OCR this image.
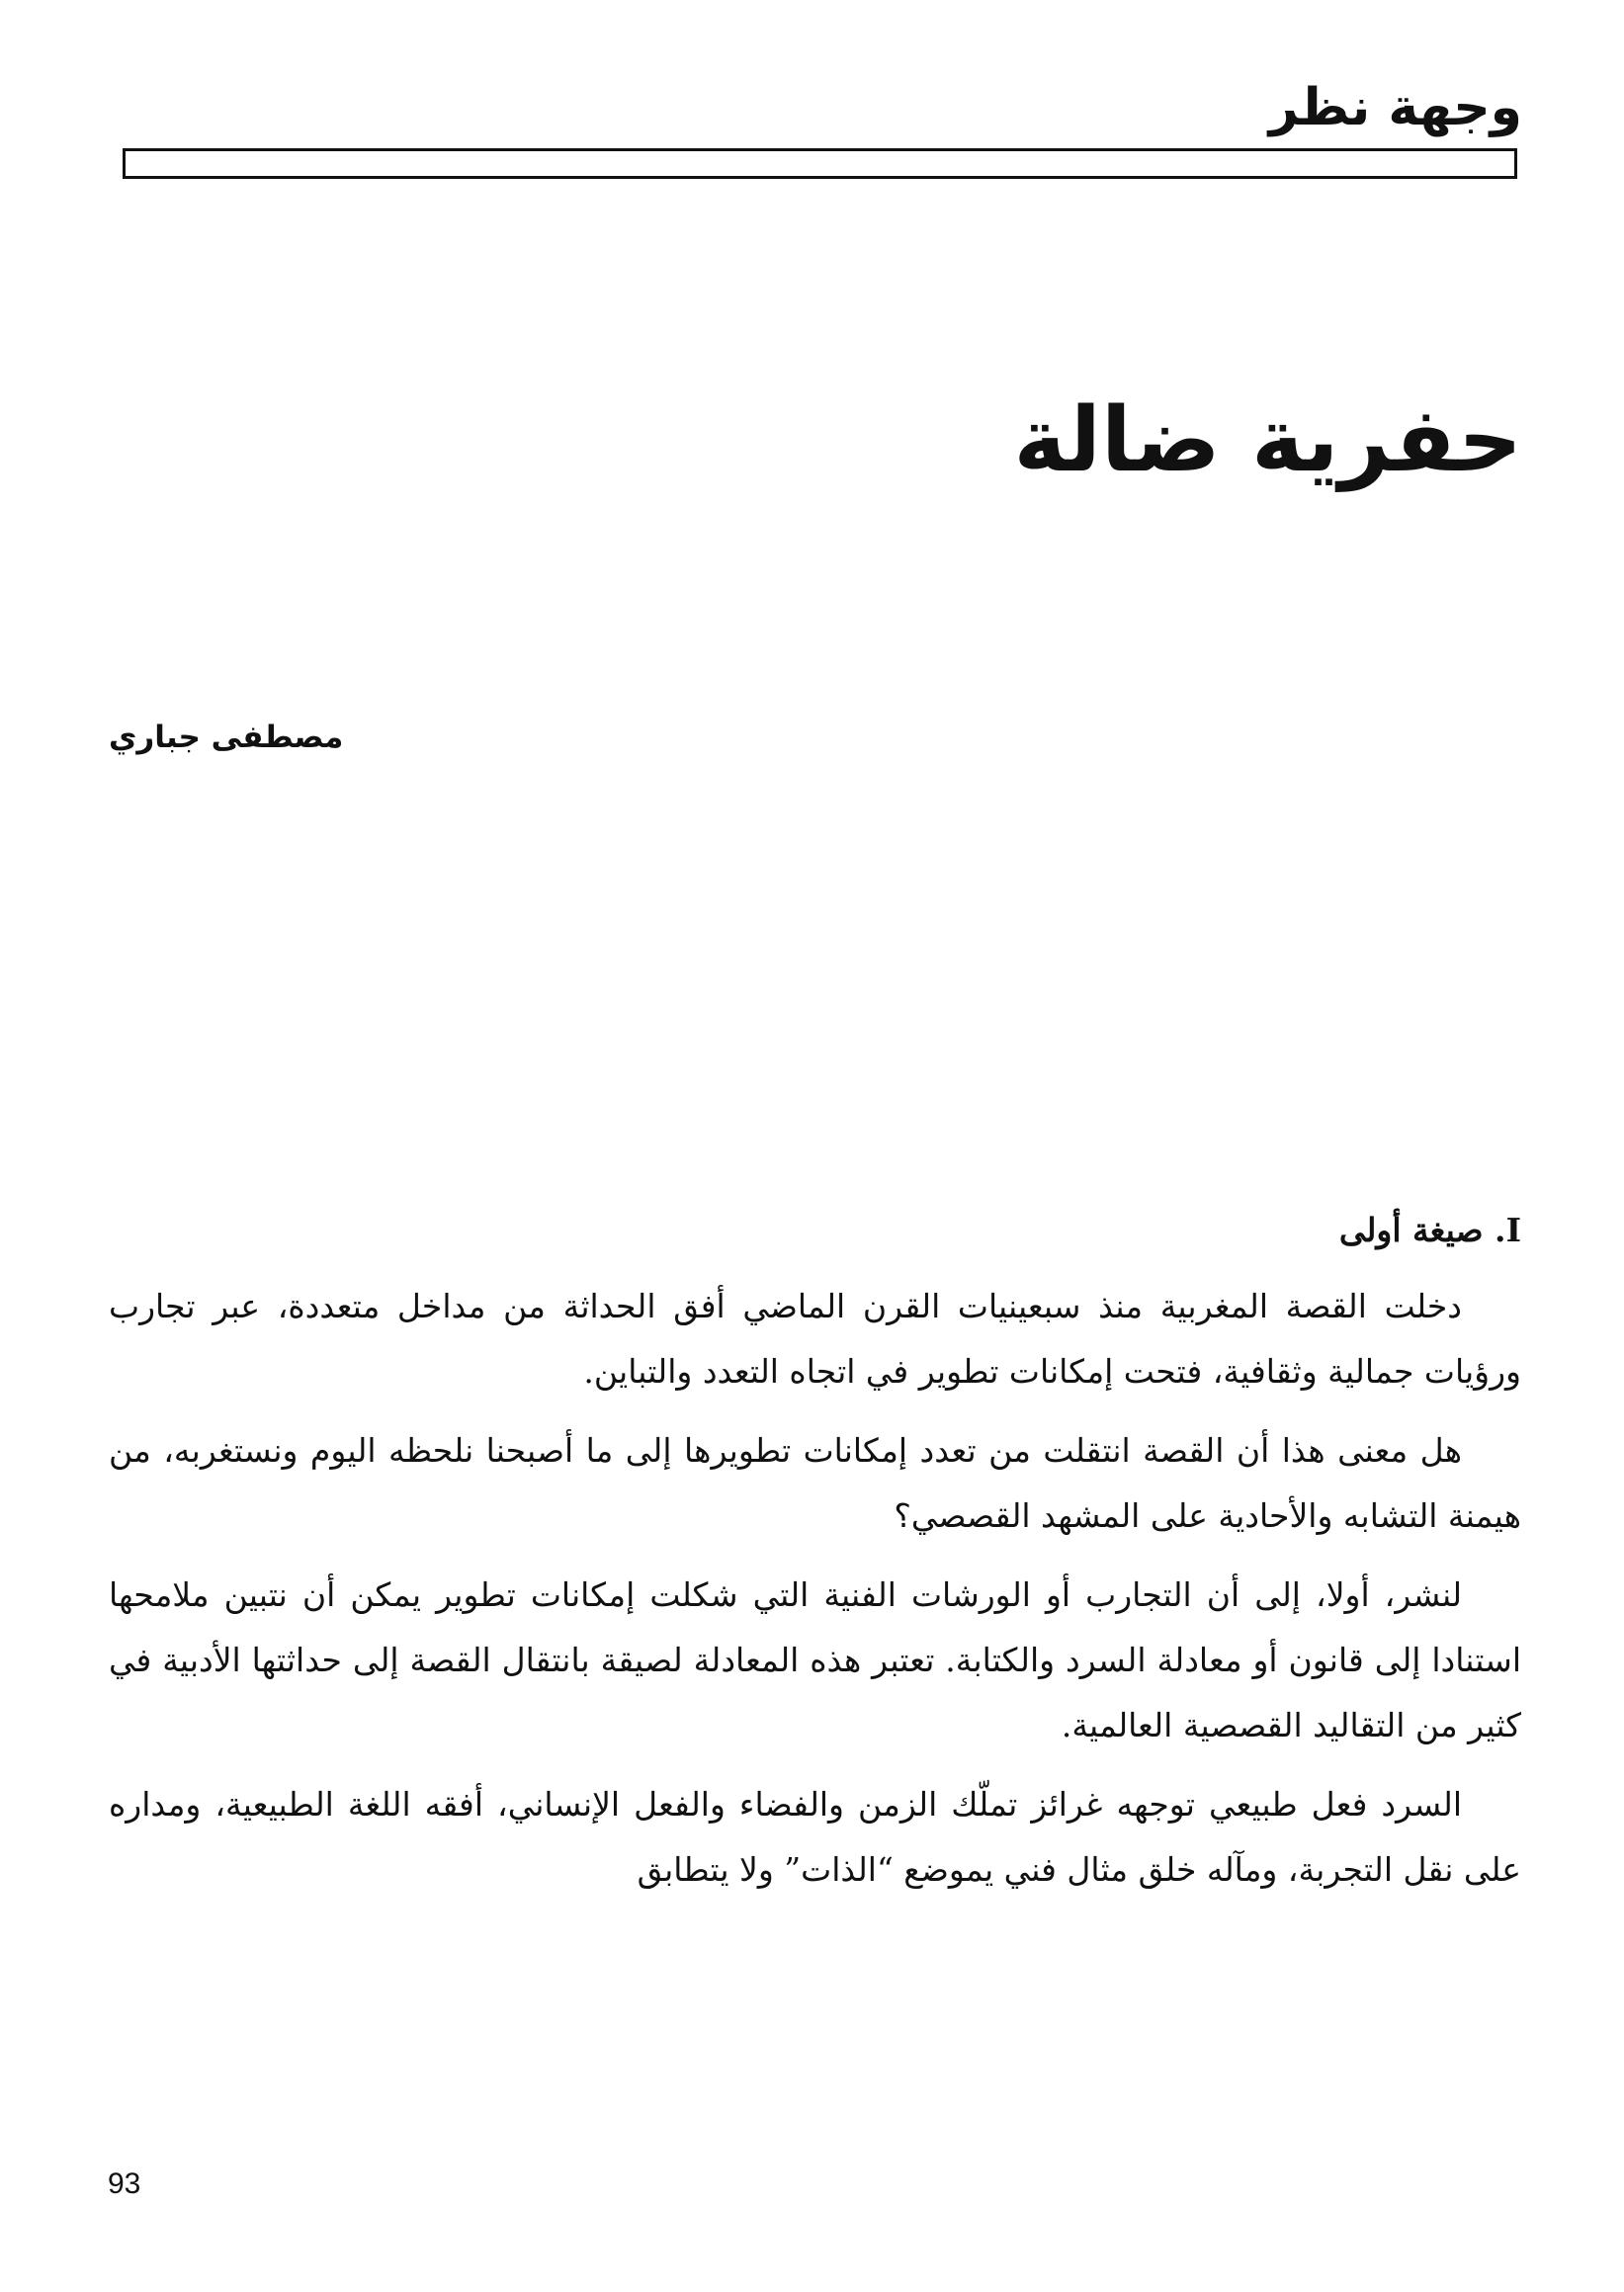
وجهة نظر
حفرية ضالة

مصطفى جباري

I. صيغة أولى

دخلت القصة المغربية منذ سبعينيات القرن الماضي أفق الحداثة من مداخل متعددة، عبر تجارب ورؤيات جمالية وثقافية، فتحت إمكانات تطوير في اتجاه التعدد والتباين.

هل معنى هذا أن القصة انتقلت من تعدد إمكانات تطويرها إلى ما أصبحنا نلحظه اليوم ونستغربه، من هيمنة التشابه والأحادية على المشهد القصصي؟

لنشر، أولا، إلى أن التجارب أو الورشات الفنية التي شكلت إمكانات تطوير يمكن أن نتبين ملامحها استنادا إلى قانون أو معادلة السرد والكتابة. تعتبر هذه المعادلة لصيقة بانتقال القصة إلى حداثتها الأدبية في كثير من التقاليد القصصية العالمية.

السرد فعل طبيعي توجهه غرائز تملّك الزمن والفضاء والفعل الإنساني، أفقه اللغة الطبيعية، ومداره على نقل التجربة، ومآله خلق مثال فني يموضع “الذات” ولا يتطابق

93
